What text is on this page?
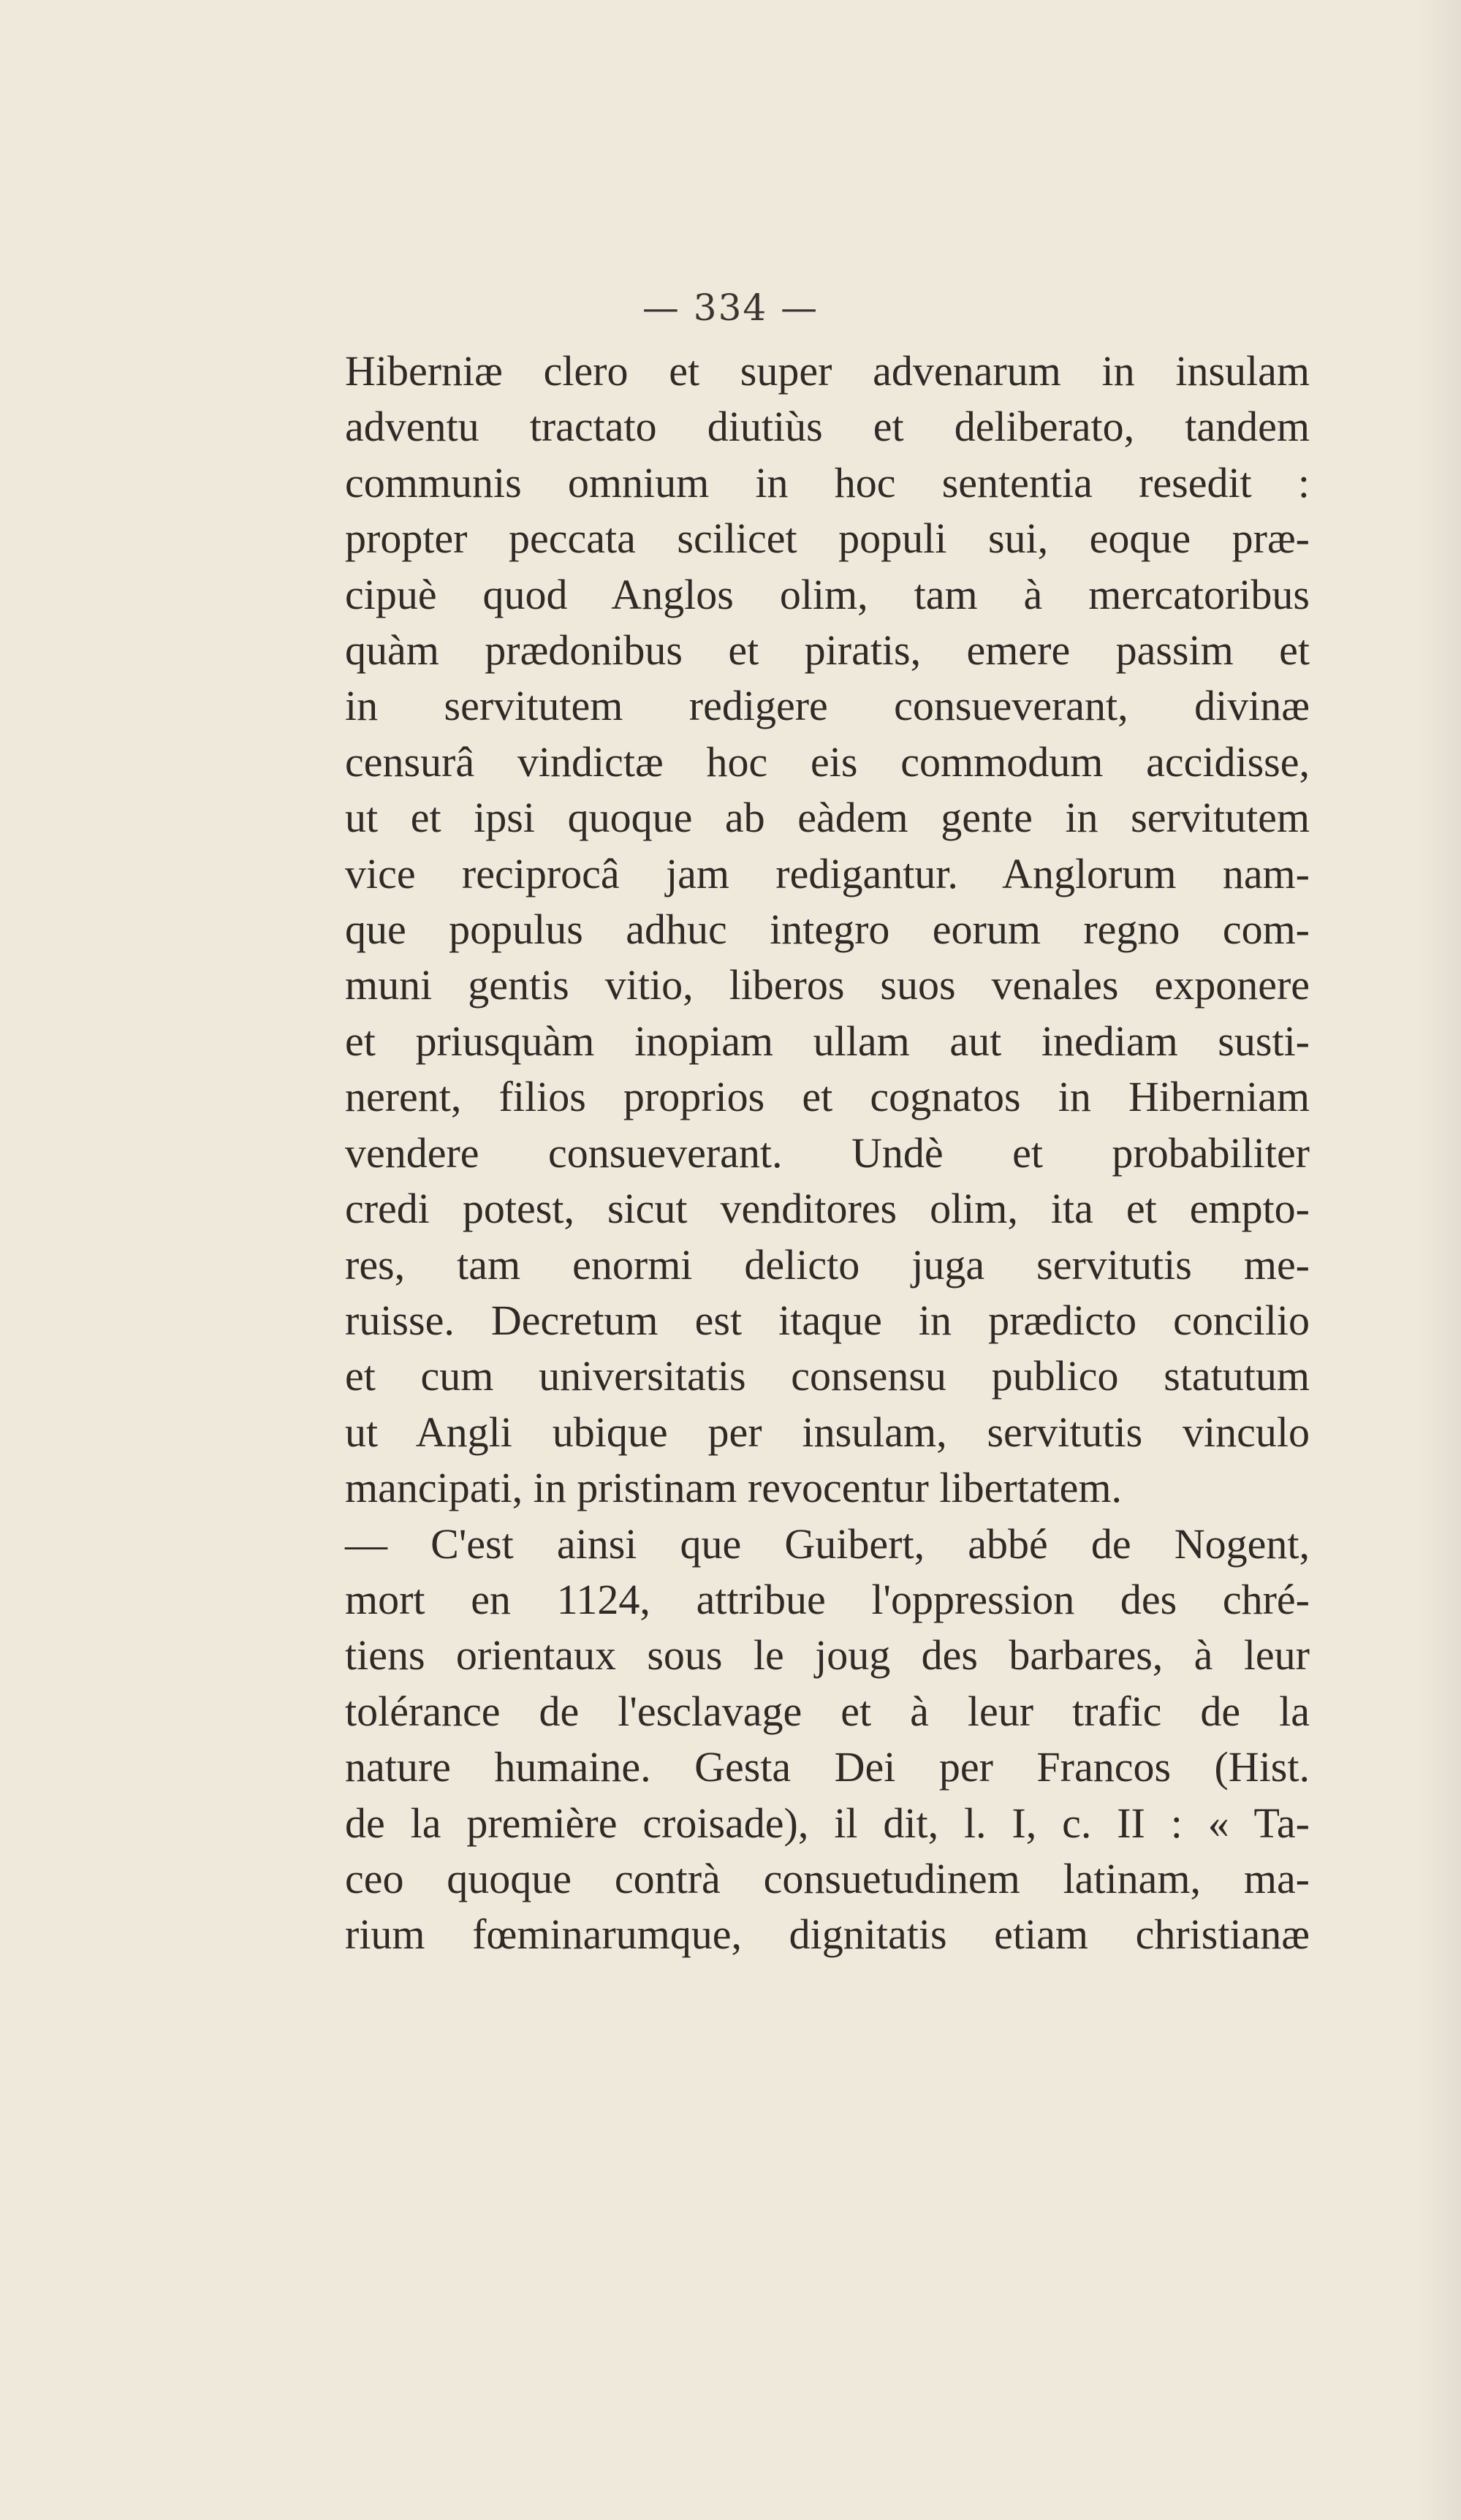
— 334 —
Hiberniæ clero et super advenarum in insulam
adventu tractato diutiùs et deliberato, tandem
communis omnium in hoc sententia resedit :
propter peccata scilicet populi sui, eoque præ-
cipuè quod Anglos olim, tam à mercatoribus
quàm prædonibus et piratis, emere passim et
in servitutem redigere consueverant, divinæ
censurâ vindictæ hoc eis commodum accidisse,
ut et ipsi quoque ab eàdem gente in servitutem
vice reciprocâ jam redigantur. Anglorum nam-
que populus adhuc integro eorum regno com-
muni gentis vitio, liberos suos venales exponere
et priusquàm inopiam ullam aut inediam susti-
nerent, filios proprios et cognatos in Hiberniam
vendere consueverant. Undè et probabiliter
credi potest, sicut venditores olim, ita et empto-
res, tam enormi delicto juga servitutis me-
ruisse. Decretum est itaque in prædicto concilio
et cum universitatis consensu publico statutum
ut Angli ubique per insulam, servitutis vinculo
mancipati, in pristinam revocentur libertatem.
— C'est ainsi que Guibert, abbé de Nogent,
mort en 1124, attribue l'oppression des chré-
tiens orientaux sous le joug des barbares, à leur
tolérance de l'esclavage et à leur trafic de la
nature humaine. Gesta Dei per Francos (Hist.
de la première croisade), il dit, l. I, c. II : « Ta-
ceo quoque contrà consuetudinem latinam, ma-
rium fœminarumque, dignitatis etiam christianæ
